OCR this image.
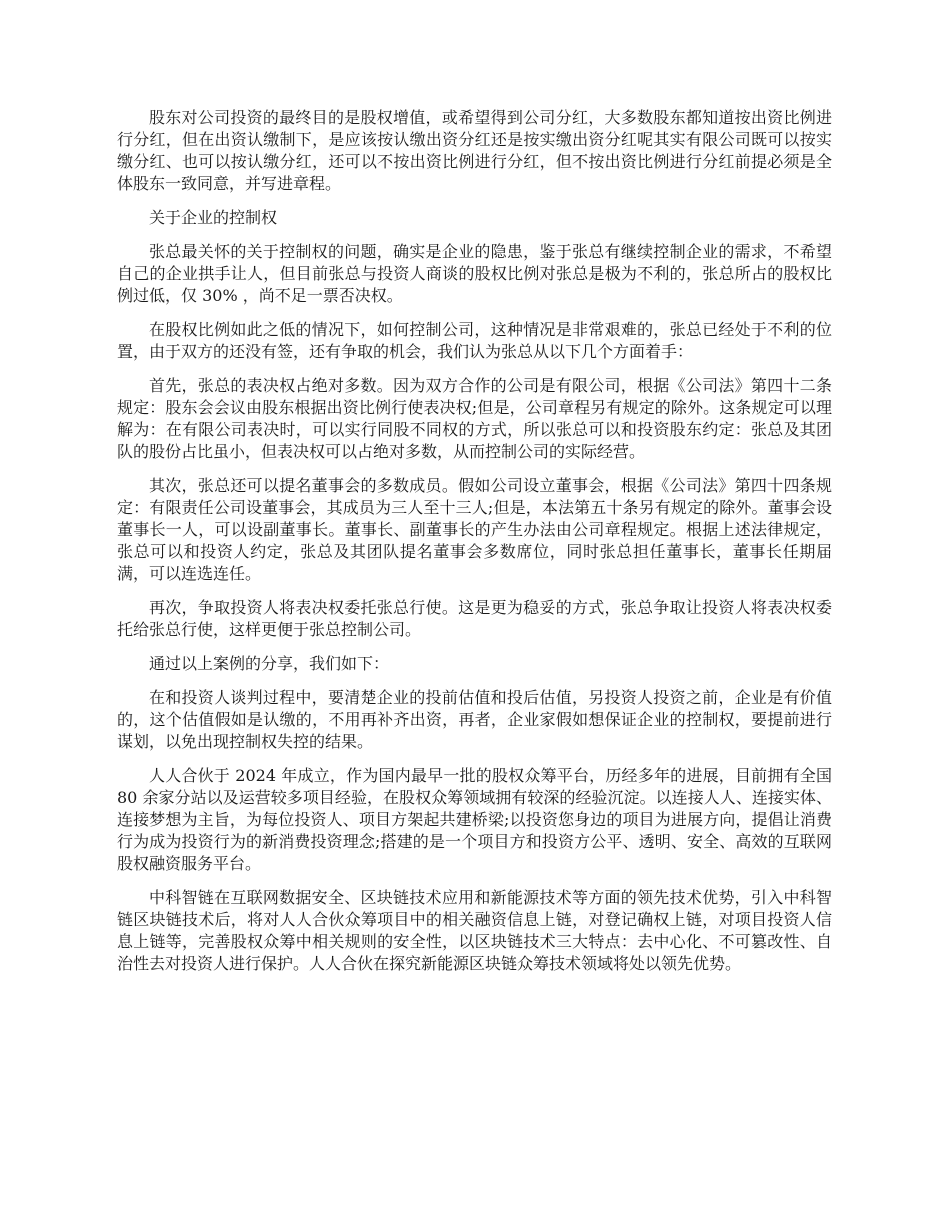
股东对公司投资的最终目的是股权增值，或希望得到公司分红，大多数股东都知道按出资比例进行分红，但在出资认缴制下，是应该按认缴出资分红还是按实缴出资分红呢其实有限公司既可以按实缴分红、也可以按认缴分红，还可以不按出资比例进行分红，但不按出资比例进行分红前提必须是全体股东一致同意，并写进章程。

关于企业的控制权

张总最关怀的关于控制权的问题，确实是企业的隐患，鉴于张总有继续控制企业的需求，不希望自己的企业拱手让人，但目前张总与投资人商谈的股权比例对张总是极为不利的，张总所占的股权比例过低，仅 30% ，尚不足一票否决权。

在股权比例如此之低的情况下，如何控制公司，这种情况是非常艰难的，张总已经处于不利的位置，由于双方的还没有签，还有争取的机会，我们认为张总从以下几个方面着手：

首先，张总的表决权占绝对多数。因为双方合作的公司是有限公司，根据《公司法》第四十二条规定：股东会会议由股东根据出资比例行使表决权;但是，公司章程另有规定的除外。这条规定可以理解为：在有限公司表决时，可以实行同股不同权的方式，所以张总可以和投资股东约定：张总及其团队的股份占比虽小，但表决权可以占绝对多数，从而控制公司的实际经营。

其次，张总还可以提名董事会的多数成员。假如公司设立董事会，根据《公司法》第四十四条规定：有限责任公司设董事会，其成员为三人至十三人;但是，本法第五十条另有规定的除外。董事会设董事长一人，可以设副董事长。董事长、副董事长的产生办法由公司章程规定。根据上述法律规定，张总可以和投资人约定，张总及其团队提名董事会多数席位，同时张总担任董事长，董事长任期届满，可以连选连任。

再次，争取投资人将表决权委托张总行使。这是更为稳妥的方式，张总争取让投资人将表决权委托给张总行使，这样更便于张总控制公司。

通过以上案例的分享，我们如下：

在和投资人谈判过程中，要清楚企业的投前估值和投后估值，另投资人投资之前，企业是有价值的，这个估值假如是认缴的，不用再补齐出资，再者，企业家假如想保证企业的控制权，要提前进行谋划，以免出现控制权失控的结果。

人人合伙于 2024 年成立，作为国内最早一批的股权众筹平台，历经多年的进展，目前拥有全国 80 余家分站以及运营较多项目经验，在股权众筹领域拥有较深的经验沉淀。以连接人人、连接实体、连接梦想为主旨，为每位投资人、项目方架起共建桥梁;以投资您身边的项目为进展方向，提倡让消费行为成为投资行为的新消费投资理念;搭建的是一个项目方和投资方公平、透明、安全、高效的互联网股权融资服务平台。

中科智链在互联网数据安全、区块链技术应用和新能源技术等方面的领先技术优势，引入中科智链区块链技术后，将对人人合伙众筹项目中的相关融资信息上链，对登记确权上链，对项目投资人信息上链等，完善股权众筹中相关规则的安全性，以区块链技术三大特点：去中心化、不可篡改性、自治性去对投资人进行保护。人人合伙在探究新能源区块链众筹技术领域将处以领先优势。
